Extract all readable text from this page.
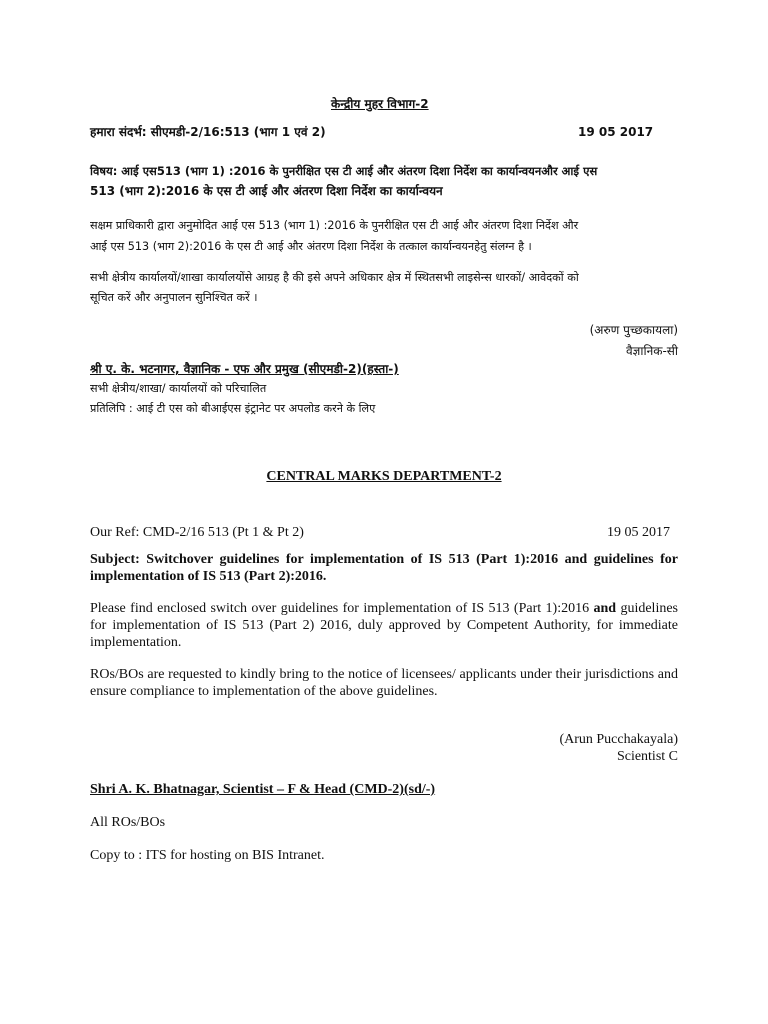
केन्द्रीय मुहर विभाग-2
हमारा संदर्भ: सीएमडी-2/16:513 (भाग 1 एवं 2)	19 05 2017
विषय: आई एस513 (भाग 1) :2016 के पुनरीक्षित एस टी आई और अंतरण दिशा निर्देश का कार्यान्वयनऔर आई एस
513 (भाग 2):2016 के एस टी आई और अंतरण दिशा निर्देश का कार्यान्वयन
सक्षम प्राधिकारी द्वारा अनुमोदित आई एस 513 (भाग 1) :2016 के पुनरीक्षित एस टी आई और अंतरण दिशा निर्देश और
आई एस 513 (भाग 2):2016 के एस टी आई और अंतरण दिशा निर्देश के तत्काल कार्यान्वयनहेतु संलग्न है ।
सभी क्षेत्रीय कार्यालयों/शाखा कार्यालयोंसे आग्रह है की इसे अपने अधिकार क्षेत्र में स्थितसभी लाइसेन्स धारकों/ आवेदकों को
सूचित करें और अनुपालन सुनिश्चित करें ।
(अरुण पुच्छकायला)
वैज्ञानिक-सी
श्री ए. के. भटनागर, वैज्ञानिक - एफ और प्रमुख (सीएमडी-2)(हस्ता-)
सभी क्षेत्रीय/शाखा/ कार्यालयों को परिचालित
प्रतिलिपि : आई टी एस को बीआईएस इंट्रानेट पर अपलोड करने के लिए
CENTRAL MARKS DEPARTMENT-2
Our Ref: CMD-2/16 513 (Pt 1 & Pt 2)	19 05 2017
Subject: Switchover guidelines for implementation of IS 513 (Part 1):2016 and guidelines for implementation of IS 513 (Part 2):2016.
Please find enclosed switch over guidelines for implementation of IS 513 (Part 1):2016 and guidelines for implementation of IS 513 (Part 2) 2016, duly approved by Competent Authority, for immediate implementation.
ROs/BOs are requested to kindly bring to the notice of licensees/ applicants under their jurisdictions and ensure compliance to implementation of the above guidelines.
(Arun Pucchakayala)
Scientist C
Shri A. K. Bhatnagar, Scientist – F & Head (CMD-2)(sd/-)
All ROs/BOs
Copy to : ITS for hosting on BIS Intranet.
